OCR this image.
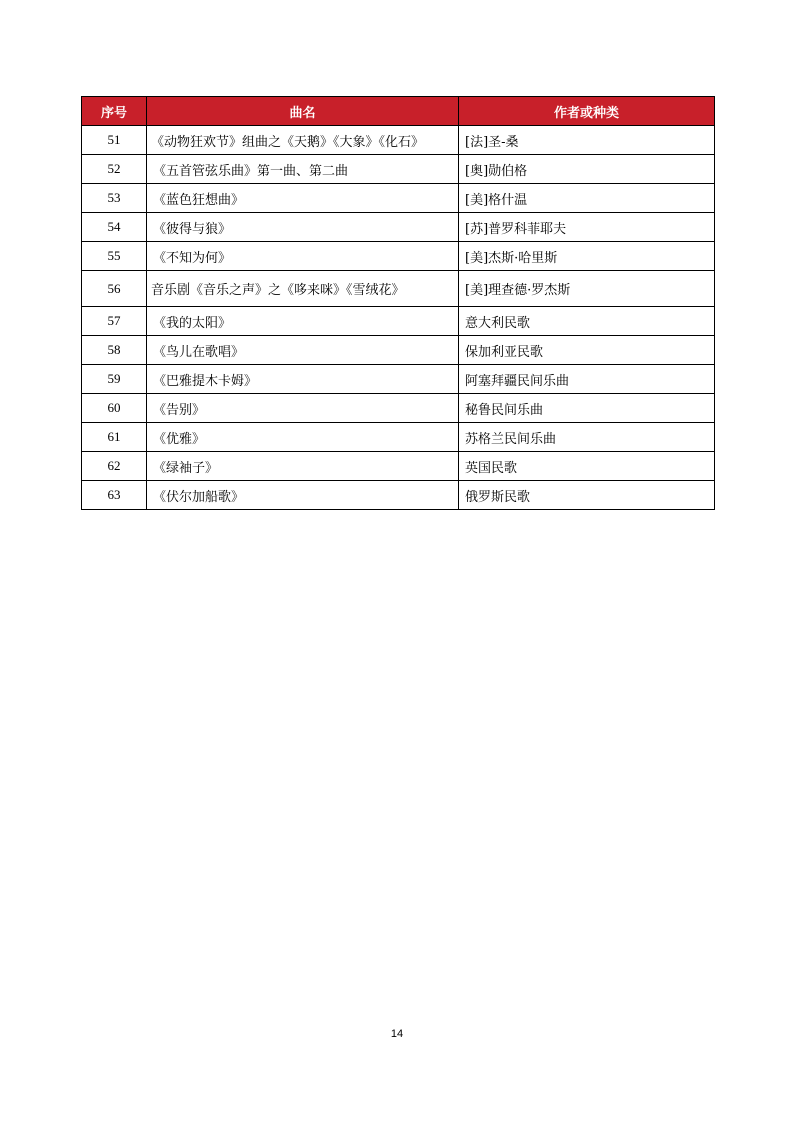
序号	曲名	作者或种类
51	《动物狂欢节》组曲之《天鹅》《大象》《化石》	[法]圣-桑
52	《五首管弦乐曲》第一曲、第二曲	[奥]勋伯格
53	《蓝色狂想曲》	[美]格什温
54	《彼得与狼》	[苏]普罗科菲耶夫
55	《不知为何》	[美]杰斯·哈里斯
56	音乐剧《音乐之声》之《哆来咪》《雪绒花》	[美]理查德·罗杰斯
57	《我的太阳》	意大利民歌
58	《鸟儿在歌唱》	保加利亚民歌
59	《巴雅提木卡姆》	阿塞拜疆民间乐曲
60	《告别》	秘鲁民间乐曲
61	《优雅》	苏格兰民间乐曲
62	《绿袖子》	英国民歌
63	《伏尔加船歌》	俄罗斯民歌
14
